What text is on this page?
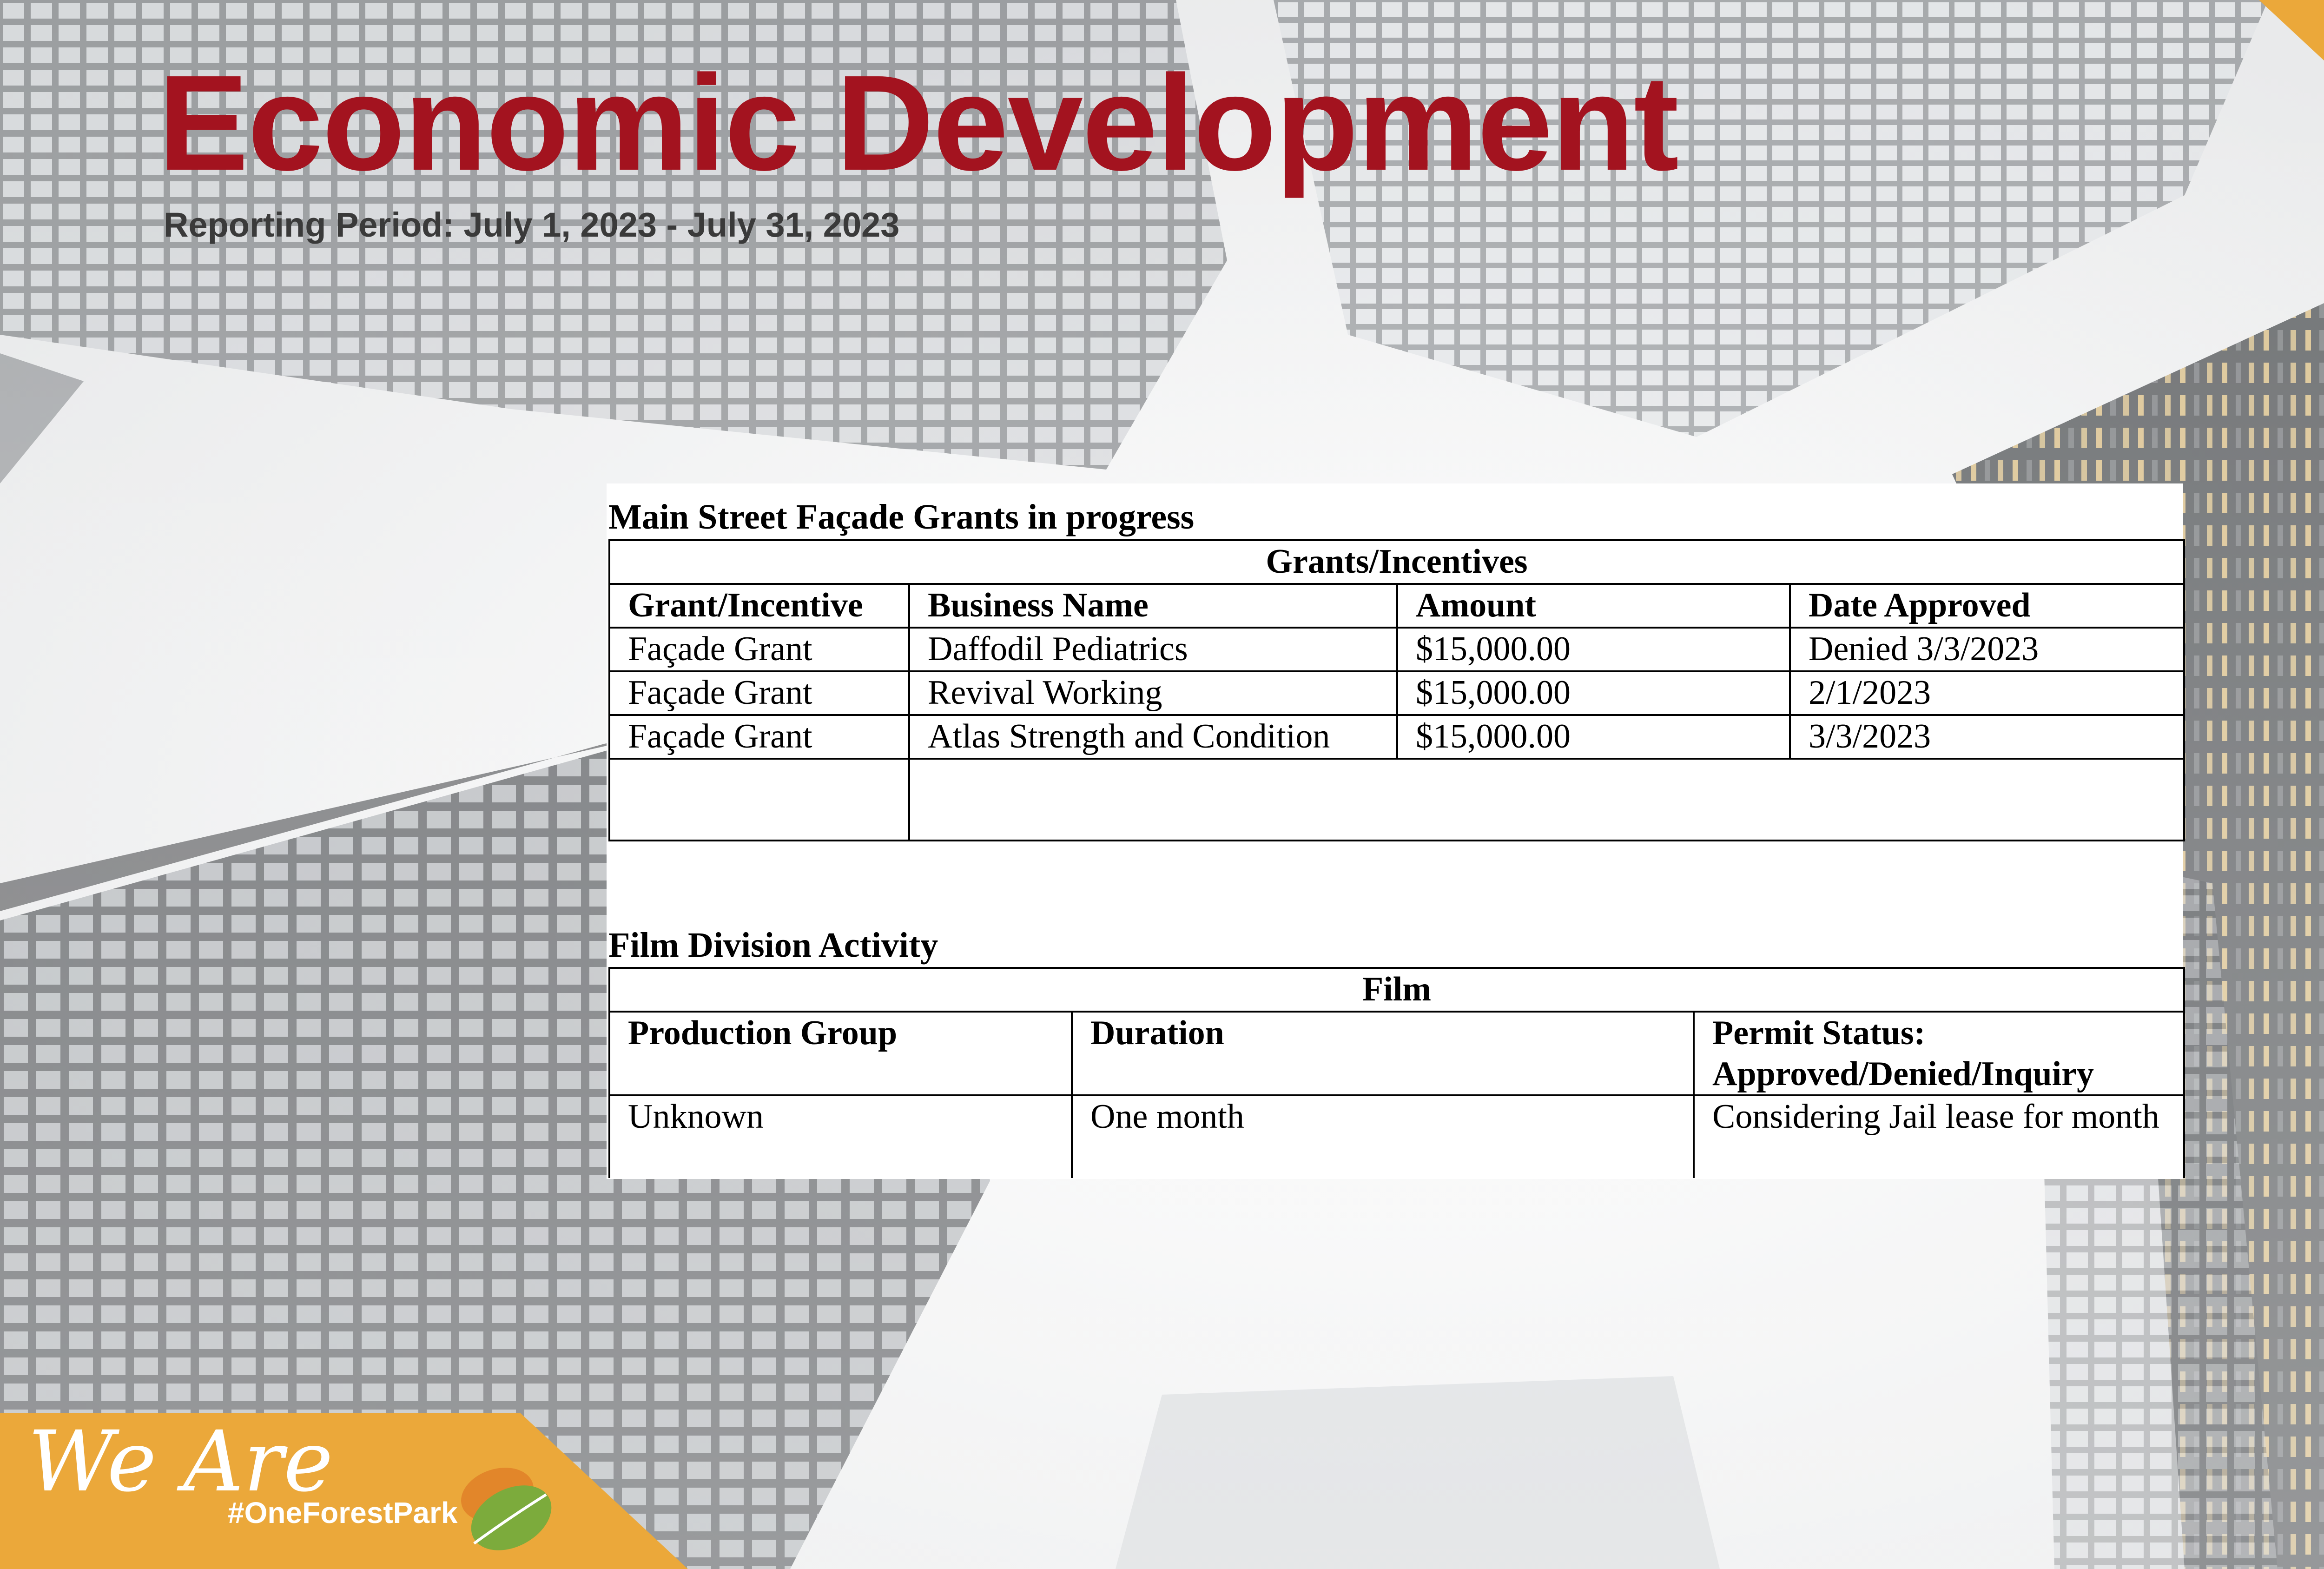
Economic Development

Reporting Period: July 1, 2023 - July 31, 2023

Main Street Façade Grants in progress

Grants/Incentives			
Grant/Incentive	Business Name	Amount	Date Approved
Façade Grant	Daffodil Pediatrics	$15,000.00	Denied 3/3/2023
Façade Grant	Revival Working	$15,000.00	2/1/2023
Façade Grant	Atlas Strength and Condition	$15,000.00	3/3/2023

Film Division Activity

Film		
Production Group	Duration	Permit Status: Approved/Denied/Inquiry
Unknown	One month	Considering Jail lease for month

We Are

#OneForestPark
